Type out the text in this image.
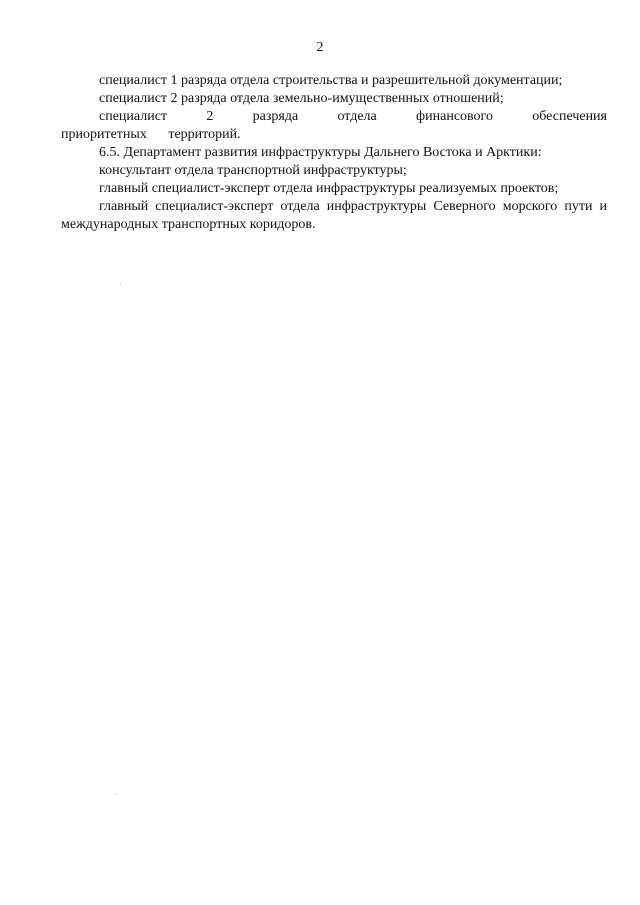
2

специалист 1 разряда отдела строительства и разрешительной документации;

специалист 2 разряда отдела земельно-имущественных отношений;

специалист 2 разряда отдела финансового обеспечения приоритетных территорий.

6.5. Департамент развития инфраструктуры Дальнего Востока и Арктики:

консультант отдела транспортной инфраструктуры;

главный специалист-эксперт отдела инфраструктуры реализуемых проектов;

главный специалист-эксперт отдела инфраструктуры Северного морского пути и международных транспортных коридоров.
